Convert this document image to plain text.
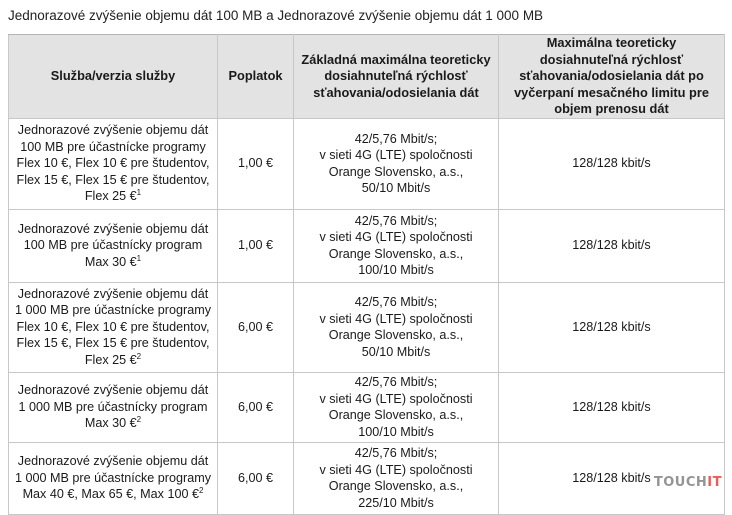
Jednorazové zvýšenie objemu dát 100 MB a Jednorazové zvýšenie objemu dát 1 000 MB
Služba/verzia služby	Poplatok	Základná maximálna teoreticky dosiahnuteľná rýchlosť sťahovania/odosielania dát	Maximálna teoreticky dosiahnuteľná rýchlosť sťahovania/odosielania dát po vyčerpaní mesačného limitu pre objem prenosu dát
Jednorazové zvýšenie objemu dát 100 MB pre účastnícke programy Flex 10 €, Flex 10 € pre študentov, Flex 15 €, Flex 15 € pre študentov, Flex 25 €$^1$	1,00 €	42/5,76 Mbit/s;
v sieti 4G (LTE) spoločnosti Orange Slovensko, a.s.,
50/10 Mbit/s	128/128 kbit/s
Jednorazové zvýšenie objemu dát 100 MB pre účastnícky program Max 30 €$^1$	1,00 €	42/5,76 Mbit/s;
v sieti 4G (LTE) spoločnosti Orange Slovensko, a.s.,
100/10 Mbit/s	128/128 kbit/s
Jednorazové zvýšenie objemu dát 1 000 MB pre účastnícke programy Flex 10 €, Flex 10 € pre študentov, Flex 15 €, Flex 15 € pre študentov, Flex 25 €$^2$	6,00 €	42/5,76 Mbit/s;
v sieti 4G (LTE) spoločnosti Orange Slovensko, a.s.,
50/10 Mbit/s	128/128 kbit/s
Jednorazové zvýšenie objemu dát 1 000 MB pre účastnícky program Max 30 €$^2$	6,00 €	42/5,76 Mbit/s;
v sieti 4G (LTE) spoločnosti Orange Slovensko, a.s.,
100/10 Mbit/s	128/128 kbit/s
Jednorazové zvýšenie objemu dát 1 000 MB pre účastnícke programy Max 40 €, Max 65 €, Max 100 €$^2$	6,00 €	42/5,76 Mbit/s;
v sieti 4G (LTE) spoločnosti Orange Slovensko, a.s.,
225/10 Mbit/s	128/128 kbit/s TOUCHIT
